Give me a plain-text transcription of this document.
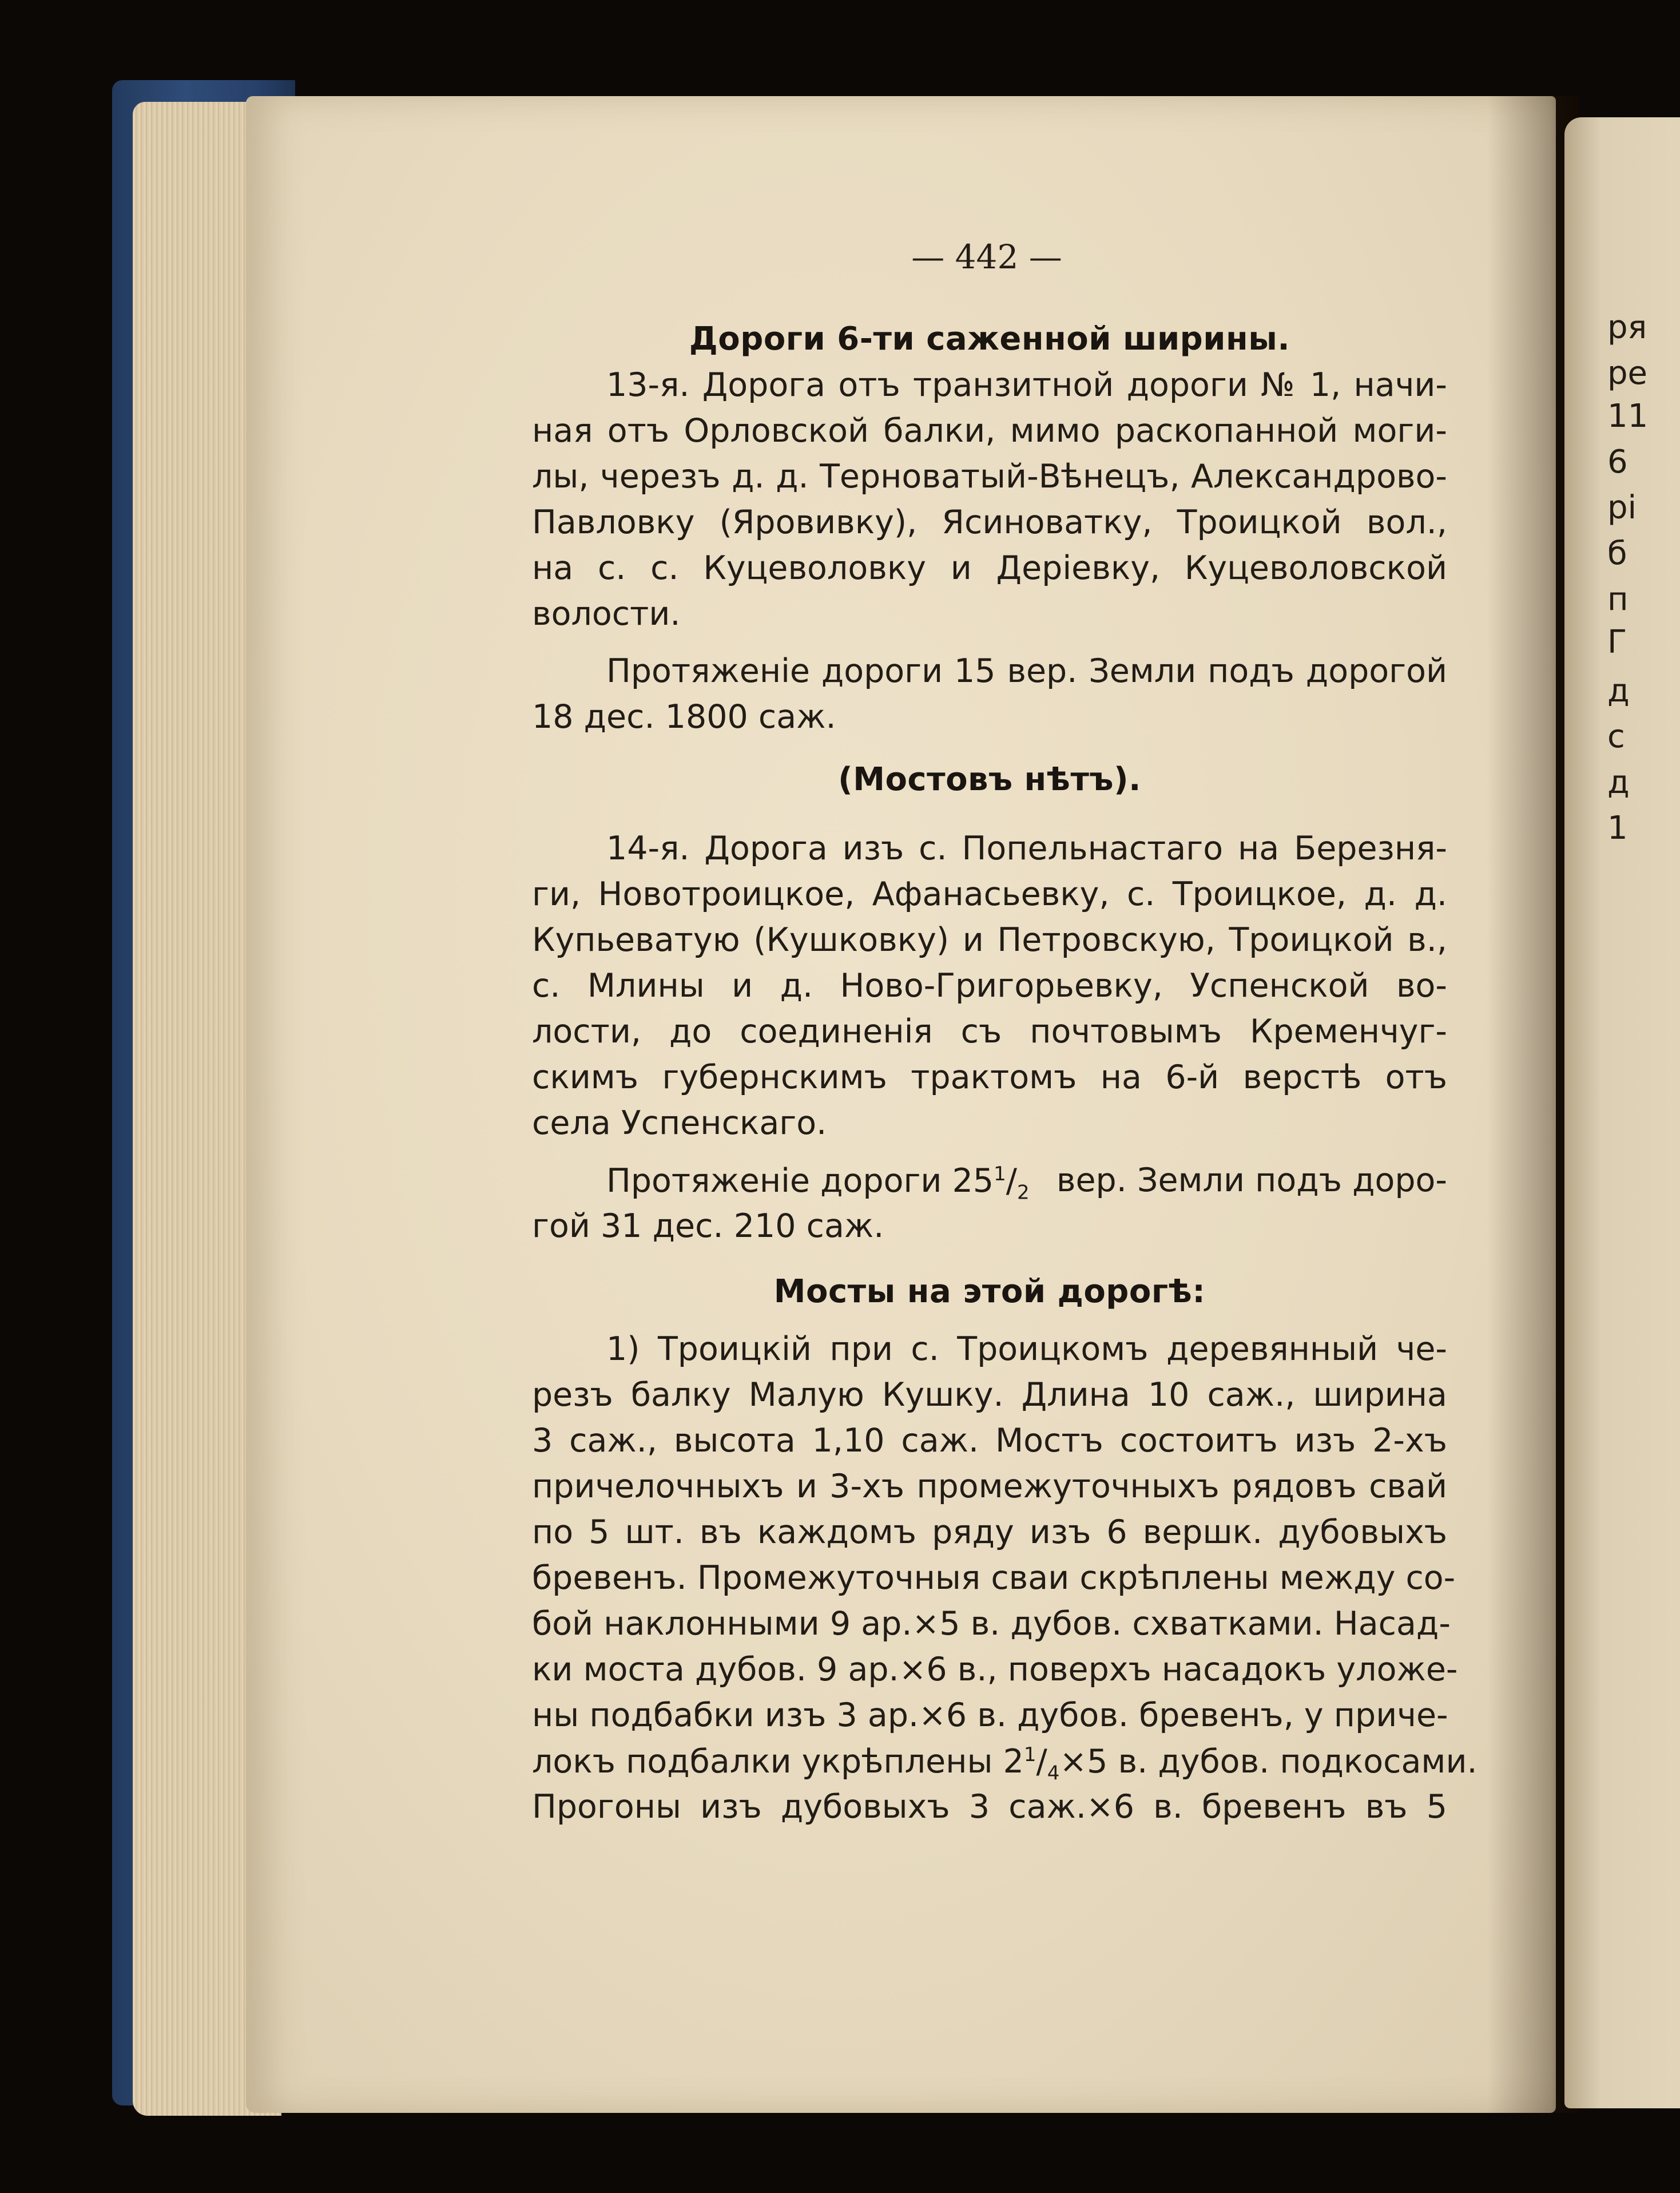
ря
ре
11
6
рі
б
п
Г
д
с
д
1
— 442 —
Дороги 6-ти саженной ширины.
13-я. Дорога отъ транзитной дороги № 1, начи-
ная отъ Орловской балки, мимо раскопанной моги-
лы, черезъ д. д. Терноватый-Вѣнецъ, Александрово-
Павловку (Яровивку), Ясиноватку, Троицкой вол.,
на с. с. Куцеволовку и Деріевку, Куцеволовской
волости.
Протяженіе дороги 15 вер. Земли подъ дорогой
18 дес. 1800 саж.
(Мостовъ нѣтъ).
14-я. Дорога изъ с. Попельнастаго на Березня-
ги, Новотроицкое, Афанасьевку, с. Троицкое, д. д.
Купьеватую (Кушковку) и Петровскую, Троицкой в.,
с. Млины и д. Ново-Григорьевку, Успенской во-
лости, до соединенія съ почтовымъ Кременчуг-
скимъ губернскимъ трактомъ на 6-й верстѣ отъ
села Успенскаго.
Протяженіе дороги $25^1/_2$ вер. Земли подъ доро-
гой 31 дес. 210 саж.
Мосты на этой дорогѣ:
1) Троицкій при с. Троицкомъ деревянный че-
резъ балку Малую Кушку. Длина 10 саж., ширина
3 саж., высота 1,10 саж. Мостъ состоитъ изъ 2-хъ
причелочныхъ и 3-хъ промежуточныхъ рядовъ свай
по 5 шт. въ каждомъ ряду изъ 6 вершк. дубовыхъ
бревенъ. Промежуточныя сваи скрѣплены между со-
бой наклонными 9 ар.×5 в. дубов. схватками. Насад-
ки моста дубов. 9 ар.×6 в., поверхъ насадокъ уложе-
ны подбабки изъ 3 ар.×6 в. дубов. бревенъ, у приче-
локъ подбалки укрѣплены $2^1/_4\times 5$ в. дубов. подкосами.
Прогоны изъ дубовыхъ 3 саж.×6 в. бревенъ въ 5
